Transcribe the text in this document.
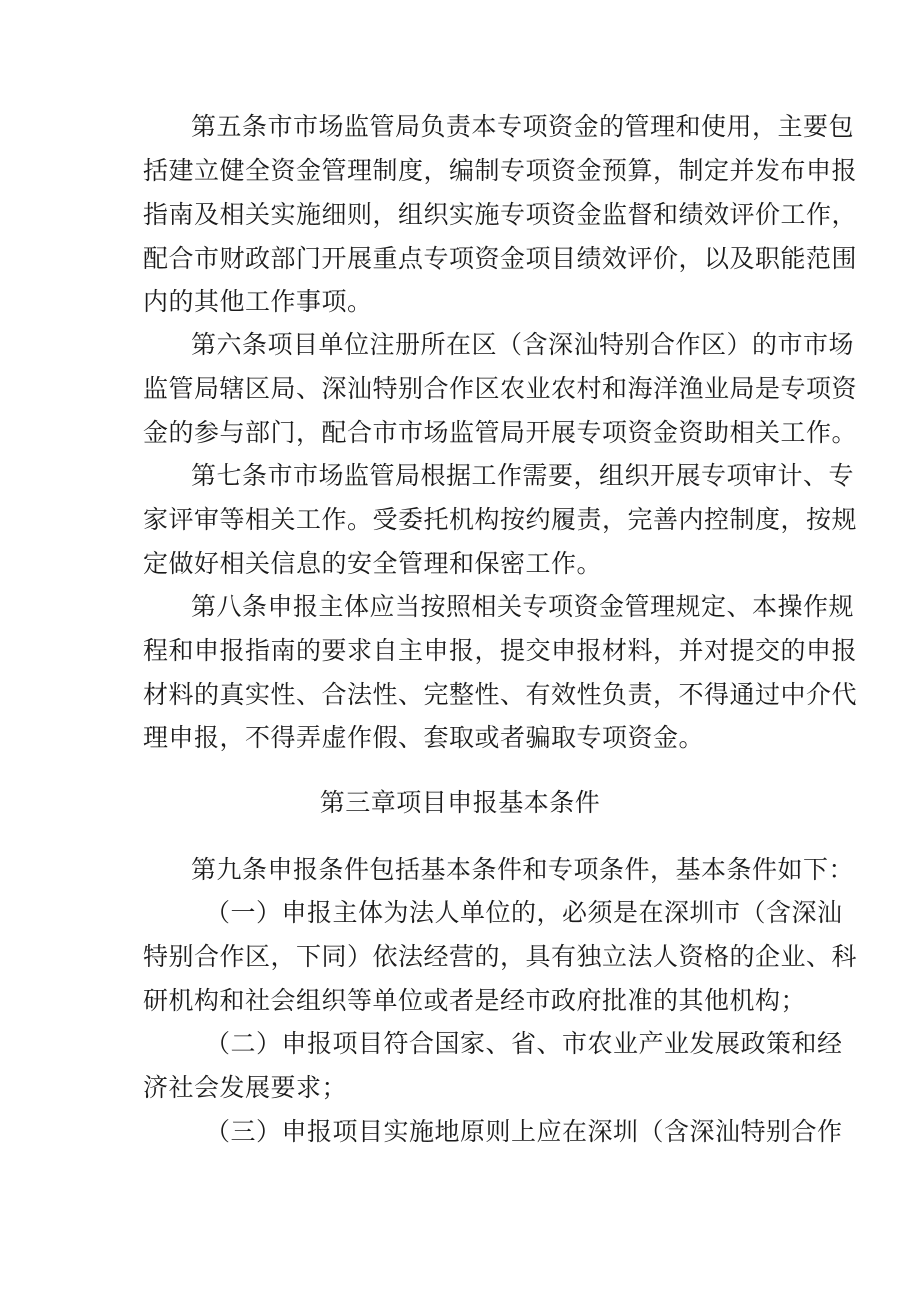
第五条市市场监管局负责本专项资金的管理和使用，主要包
括建立健全资金管理制度，编制专项资金预算，制定并发布申报
指南及相关实施细则，组织实施专项资金监督和绩效评价工作，
配合市财政部门开展重点专项资金项目绩效评价，以及职能范围
内的其他工作事项。
第六条项目单位注册所在区（含深汕特别合作区）的市市场
监管局辖区局、深汕特别合作区农业农村和海洋渔业局是专项资
金的参与部门，配合市市场监管局开展专项资金资助相关工作。
第七条市市场监管局根据工作需要，组织开展专项审计、专
家评审等相关工作。受委托机构按约履责，完善内控制度，按规
定做好相关信息的安全管理和保密工作。
第八条申报主体应当按照相关专项资金管理规定、本操作规
程和申报指南的要求自主申报，提交申报材料，并对提交的申报
材料的真实性、合法性、完整性、有效性负责，不得通过中介代
理申报，不得弄虚作假、套取或者骗取专项资金。
第三章项目申报基本条件
第九条申报条件包括基本条件和专项条件，基本条件如下：
（一）申报主体为法人单位的，必须是在深圳市（含深汕
特别合作区，下同）依法经营的，具有独立法人资格的企业、科
研机构和社会组织等单位或者是经市政府批准的其他机构；
（二）申报项目符合国家、省、市农业产业发展政策和经
济社会发展要求；
（三）申报项目实施地原则上应在深圳（含深汕特别合作
